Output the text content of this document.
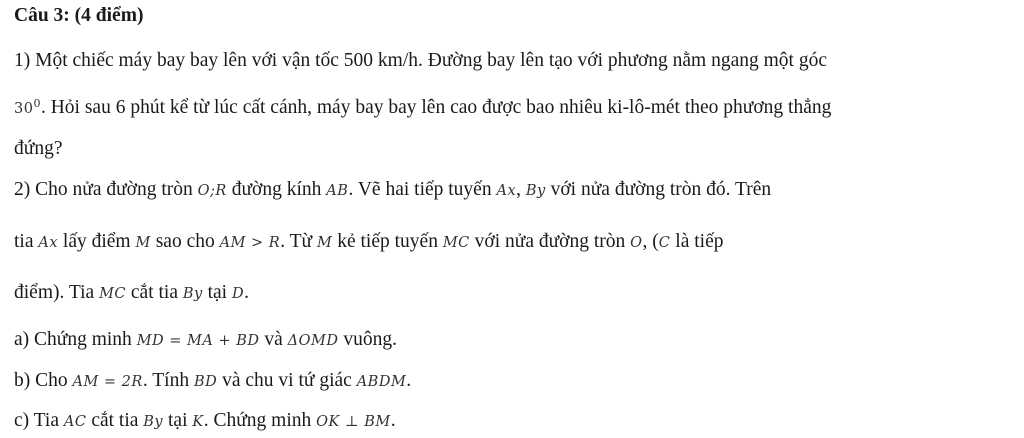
Câu 3: (4 điểm)
1) Một chiếc máy bay bay lên với vận tốc 500 km/h. Đường bay lên tạo với phương nằm ngang một góc
$30^0$. Hỏi sau 6 phút kể từ lúc cất cánh, máy bay bay lên cao được bao nhiêu ki-lô-mét theo phương thẳng
đứng?
2) Cho nửa đường tròn O;R đường kính AB. Vẽ hai tiếp tuyến Ax, By với nửa đường tròn đó. Trên
tia Ax lấy điểm M sao cho AM > R. Từ M kẻ tiếp tuyến MC với nửa đường tròn O, (C là tiếp
điểm). Tia MC cắt tia By tại D.
a) Chứng minh MD = MA + BD và ΔOMD vuông.
b) Cho AM = 2R. Tính BD và chu vi tứ giác ABDM.
c) Tia AC cắt tia By tại K. Chứng minh OK ⊥ BM.
